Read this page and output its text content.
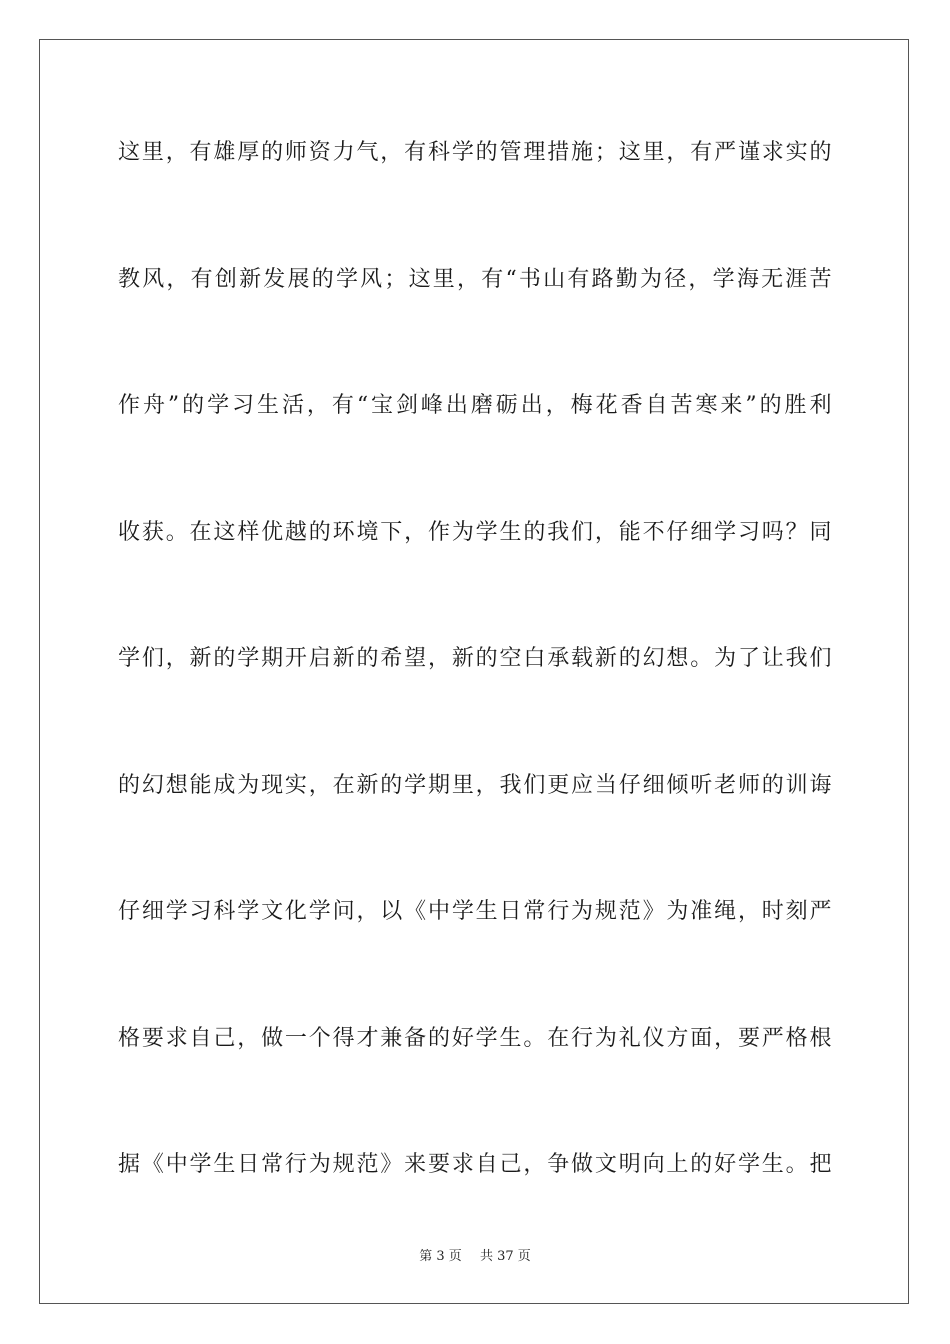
这里，有雄厚的师资力气，有科学的管理措施；这里，有严谨求实的
教风，有创新发展的学风；这里，有“书山有路勤为径，学海无涯苦
作舟”的学习生活，有“宝剑峰出磨砺出，梅花香自苦寒来”的胜利
收获。在这样优越的环境下，作为学生的我们，能不仔细学习吗？同
学们，新的学期开启新的希望，新的空白承载新的幻想。为了让我们
的幻想能成为现实，在新的学期里，我们更应当仔细倾听老师的训诲
仔细学习科学文化学问，以《中学生日常行为规范》为准绳，时刻严
格要求自己，做一个得才兼备的好学生。在行为礼仪方面，要严格根
据《中学生日常行为规范》来要求自己，争做文明向上的好学生。把
第 3 页 共 37 页
